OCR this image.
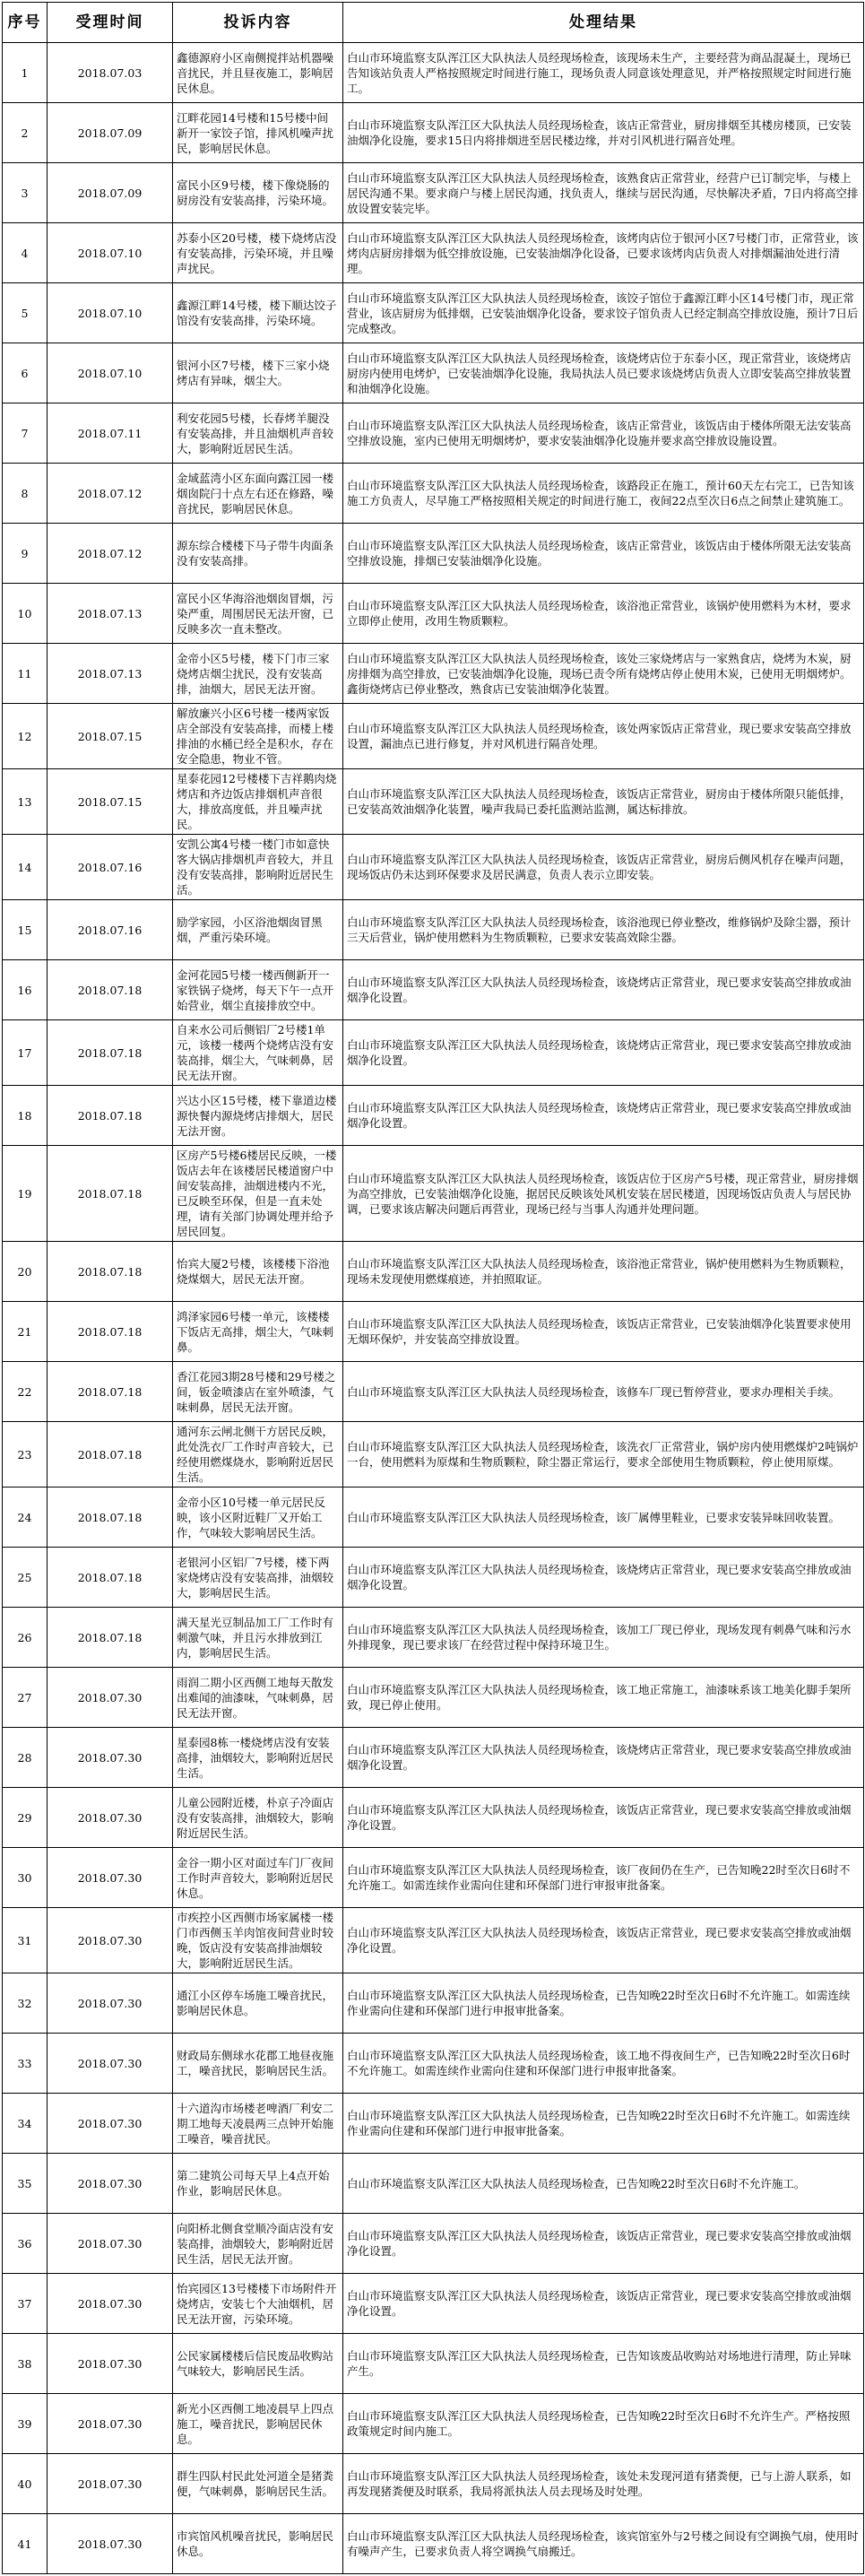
序号	受理时间	投诉内容	处理结果
1	2018.07.03	鑫德源府小区南侧搅拌站机器噪音扰民，并且昼夜施工，影响居民休息。	白山市环境监察支队浑江区大队执法人员经现场检查，该现场未生产，主要经营为商品混凝土，现场已告知该站负责人严格按照规定时间进行施工，现场负责人同意该处理意见，并严格按照规定时间进行施工。
2	2018.07.09	江畔花园14号楼和15号楼中间新开一家饺子馆，排风机噪声扰民，影响居民休息。	白山市环境监察支队浑江区大队执法人员经现场检查，该店正常营业，厨房排烟至其楼房楼顶，已安装油烟净化设施，要求15日内将排烟进至居民楼边缘，并对引风机进行隔音处理。
3	2018.07.09	富民小区9号楼，楼下像烧肠的厨房没有安装高排，污染环境。	白山市环境监察支队浑江区大队执法人员经现场检查，该熟食店正常营业，经营户已订制完毕，与楼上居民沟通不果。要求商户与楼上居民沟通，找负责人，继续与居民沟通，尽快解决矛盾，7日内将高空排放设置安装完毕。
4	2018.07.10	苏泰小区20号楼，楼下烧烤店没有安装高排，污染环境，并且噪声扰民。	白山市环境监察支队浑江区大队执法人员经现场检查，该烤肉店位于银河小区7号楼门市，正常营业，该烤肉店厨房排烟为低空排放设施，已安装油烟净化设备，已要求该烤肉店负责人对排烟漏油处进行清理。
5	2018.07.10	鑫源江畔14号楼，楼下顺达饺子馆没有安装高排，污染环境。	白山市环境监察支队浑江区大队执法人员经现场检查，该饺子馆位于鑫源江畔小区14号楼门市，现正常营业，该店厨房为低排烟，已安装油烟净化设备，要求饺子馆负责人已经定制高空排放设施，预计7日后完成整改。
6	2018.07.10	银河小区7号楼，楼下三家小烧烤店有异味，烟尘大。	白山市环境监察支队浑江区大队执法人员经现场检查，该烧烤店位于东泰小区，现正常营业，该烧烤店厨房内使用电烤炉，已安装油烟净化设施，我局执法人员已要求该烧烤店负责人立即安装高空排放装置和油烟净化设施。
7	2018.07.11	利安花园5号楼，长春烤羊腿没有安装高排，并且油烟机声音较大，影响附近居民生活。	白山市环境监察支队浑江区大队执法人员经现场检查，该店正常营业，该饭店由于楼体所限无法安装高空排放设施，室内已使用无明烟烤炉，要求安装油烟净化设施并要求高空排放设施设置。
8	2018.07.12	金域蓝湾小区东面向露江园一楼烟囱院闩十点左右还在修路，噪音扰民，影响居民休息。	白山市环境监察支队浑江区大队执法人员经现场检查，该路段正在施工，预计60天左右完工，已告知该施工方负责人，尽早施工严格按照相关规定的时间进行施工，夜间22点至次日6点之间禁止建筑施工。
9	2018.07.12	源东综合楼楼下马子带牛肉面条没有安装高排。	白山市环境监察支队浑江区大队执法人员经现场检查，该店正常营业，该饭店由于楼体所限无法安装高空排放设施，排烟已安装油烟净化设施。
10	2018.07.13	富民小区华海浴池烟囱冒烟，污染严重，周围居民无法开窗，已反映多次一直未整改。	白山市环境监察支队浑江区大队执法人员经现场检查，该浴池正常营业，该锅炉使用燃料为木材，要求立即停止使用，改用生物质颗粒。
11	2018.07.13	金帝小区5号楼，楼下门市三家烧烤店烟尘扰民，没有安装高排，油烟大，居民无法开窗。	白山市环境监察支队浑江区大队执法人员经现场检查，该处三家烧烤店与一家熟食店，烧烤为木炭，厨房排烟为高空排放，已安装油烟净化设施，现场已责令所有烧烤店停止使用木炭，已使用无明烟烤炉。鑫街烧烤店已停业整改，熟食店已安装油烟净化装置。
12	2018.07.15	解放廉兴小区6号楼一楼两家饭店全部没有安装高排，而楼上楼排油的水桶已经全是积水，存在安全隐患，物业不管。	白山市环境监察支队浑江区大队执法人员经现场检查，该处两家饭店正常营业，现已要求安装高空排放设置，漏油点已进行修复，并对风机进行隔音处理。
13	2018.07.15	星泰花园12号楼楼下吉祥鹅肉烧烤店和齐边饭店排烟机声音很大，排放高度低，并且噪声扰民。	白山市环境监察支队浑江区大队执法人员经现场检查，该饭店正常营业，厨房由于楼体所限只能低排，已安装高效油烟净化装置，噪声我局已委托监测站监测，属达标排放。
14	2018.07.16	安凯公寓4号楼一楼门市如意快客大锅店排烟机声音较大，并且没有安装高排，影响附近居民生活。	白山市环境监察支队浑江区大队执法人员经现场检查，该饭店正常营业，厨房后侧风机存在噪声问题，现场饭店仍未达到环保要求及居民满意，负责人表示立即安装。
15	2018.07.16	励学家园，小区浴池烟囱冒黑烟，严重污染环境。	白山市环境监察支队浑江区大队执法人员经现场检查，该浴池现已停业整改，维修锅炉及除尘器，预计三天后营业，锅炉使用燃料为生物质颗粒，已要求安装高效除尘器。
16	2018.07.18	金河花园5号楼一楼西侧新开一家铁锅子烧烤，每天下午一点开始营业，烟尘直接排放空中。	白山市环境监察支队浑江区大队执法人员经现场检查，该烧烤店正常营业，现已要求安装高空排放或油烟净化设置。
17	2018.07.18	自来水公司后侧铝厂2号楼1单元，该楼一楼两个烧烤店没有安装高排，烟尘大，气味刺鼻，居民无法开窗。	白山市环境监察支队浑江区大队执法人员经现场检查，该烧烤店正常营业，现已要求安装高空排放或油烟净化设置。
18	2018.07.18	兴达小区15号楼，楼下靠道边楼源快餐内源烧烤店排烟大，居民无法开窗。	白山市环境监察支队浑江区大队执法人员经现场检查，该烧烤店正常营业，现已要求安装高空排放或油烟净化设置。
19	2018.07.18	区房产5号楼6楼居民反映，一楼饭店去年在该楼居民楼道窗户中间安装高排，油烟进楼内不光，已反映至环保，但是一直未处理，请有关部门协调处理并给予居民回复。	白山市环境监察支队浑江区大队执法人员经现场检查，该饭店位于区房产5号楼，现正常营业，厨房排烟为高空排放，已安装油烟净化设施，据居民反映该处风机安装在居民楼道，因现场饭店负责人与居民协调，已要求该店解决问题后再营业，现场已经与当事人沟通并处理问题。
20	2018.07.18	怡宾大厦2号楼，该楼楼下浴池烧煤烟大，居民无法开窗。	白山市环境监察支队浑江区大队执法人员经现场检查，该浴池正常营业，锅炉使用燃料为生物质颗粒，现场未发现使用燃煤痕迹，并拍照取证。
21	2018.07.18	鸿泽家园6号楼一单元，该楼楼下饭店无高排，烟尘大，气味刺鼻。	白山市环境监察支队浑江区大队执法人员经现场检查，该饭店正常营业，已安装油烟净化装置要求使用无烟环保炉，并安装高空排放设置。
22	2018.07.18	香江花园3期28号楼和29号楼之间，钣金喷漆店在室外喷漆，气味刺鼻，居民无法开窗。	白山市环境监察支队浑江区大队执法人员经现场检查，该修车厂现已暂停营业，要求办理相关手续。
23	2018.07.18	通河东云闸北侧干方居民反映，此处洗衣厂工作时声音较大，已经使用燃煤烧水，影响附近居民生活。	白山市环境监察支队浑江区大队执法人员经现场检查，该洗衣厂正常营业，锅炉房内使用燃煤炉2吨锅炉一台，使用燃料为原煤和生物质颗粒，除尘器正常运行，要求全部使用生物质颗粒，停止使用原煤。
24	2018.07.18	金帝小区10号楼一单元居民反映，该小区附近鞋厂又开始工作，气味较大影响居民生活。	白山市环境监察支队浑江区大队执法人员经现场检查，该厂属傅里鞋业，已要求安装异味回收装置。
25	2018.07.18	老银河小区铝厂7号楼，楼下两家烧烤店没有安装高排，油烟较大，影响居民生活。	白山市环境监察支队浑江区大队执法人员经现场检查，该烧烤店正常营业，现已要求安装高空排放或油烟净化设置。
26	2018.07.18	满天星光豆制品加工厂工作时有刺激气味，并且污水排放到江内，影响居民生活。	白山市环境监察支队浑江区大队执法人员经现场检查，该加工厂现已停业，现场发现有刺鼻气味和污水外排现象，现已要求该厂在经营过程中保持环境卫生。
27	2018.07.30	雨润二期小区西侧工地每天散发出难闻的油漆味，气味刺鼻，居民无法开窗。	白山市环境监察支队浑江区大队执法人员经现场检查，该工地正常施工，油漆味系该工地美化脚手架所致，现已停止使用。
28	2018.07.30	星泰园8栋一楼烧烤店没有安装高排，油烟较大，影响附近居民生活。	白山市环境监察支队浑江区大队执法人员经现场检查，该烧烤店正常营业，现已要求安装高空排放或油烟净化设置。
29	2018.07.30	儿童公园附近楼，朴京子冷面店没有安装高排，油烟较大，影响附近居民生活。	白山市环境监察支队浑江区大队执法人员经现场检查，该饭店正常营业，现已要求安装高空排放或油烟净化设置。
30	2018.07.30	金谷一期小区对面过车门厂夜间工作时声音较大，影响附近居民休息。	白山市环境监察支队浑江区大队执法人员经现场检查，该厂夜间仍在生产，已告知晚22时至次日6时不允许施工。如需连续作业需向住建和环保部门进行审报审批备案。
31	2018.07.30	市疾控小区西侧市场家属楼一楼门市西侧玉羊肉馆夜间营业时较晚，饭店没有安装高排油烟较大，影响附近居民生活。	白山市环境监察支队浑江区大队执法人员经现场检查，该饭店正常营业，现已要求安装高空排放或油烟净化设置。
32	2018.07.30	通江小区停车场施工噪音扰民，影响居民休息。	白山市环境监察支队浑江区大队执法人员经现场检查，已告知晚22时至次日6时不允许施工。如需连续作业需向住建和环保部门进行申报审批备案。
33	2018.07.30	财政局东侧球水花郡工地昼夜施工，噪音扰民，影响居民生活。	白山市环境监察支队浑江区大队执法人员经现场检查，该工地不得夜间生产，已告知晚22时至次日6时不允许施工。如需连续作业需向住建和环保部门进行申报审批备案。
34	2018.07.30	十六道沟市场楼老啤酒厂利安二期工地每天凌晨两三点钟开始施工噪音，噪音扰民。	白山市环境监察支队浑江区大队执法人员经现场检查，已告知晚22时至次日6时不允许施工。如需连续作业需向住建和环保部门进行申报审批备案。
35	2018.07.30	第二建筑公司每天早上4点开始作业，影响居民休息。	白山市环境监察支队浑江区大队执法人员经现场检查，已告知晚22时至次日6时不允许施工。
36	2018.07.30	向阳桥北侧食堂顺冷面店没有安装高排，油烟较大，影响附近居民生活，居民无法开窗。	白山市环境监察支队浑江区大队执法人员经现场检查，该饭店正常营业，现已要求安装高空排放或油烟净化设置。
37	2018.07.30	怡宾园区13号楼楼下市场附件开烧烤店，安装七个大油烟机，居民无法开窗，污染环境。	白山市环境监察支队浑江区大队执法人员经现场检查，该饭店正常营业，现已要求安装高空排放或油烟净化设置。
38	2018.07.30	公民家属楼楼后信民废品收购站气味较大，影响居民生活。	白山市环境监察支队浑江区大队执法人员经现场检查，已告知该废品收购站对场地进行清理，防止异味产生。
39	2018.07.30	新光小区西侧工地凌晨早上四点施工，噪音扰民，影响居民休息。	白山市环境监察支队浑江区大队执法人员经现场检查，已告知晚22时至次日6时不允许生产。严格按照政策规定时间内施工。
40	2018.07.30	群生四队村民此处河道全是猪粪便，气味刺鼻，影响居民生活。	白山市环境监察支队浑江区大队执法人员经现场检查，该处未发现河道有猪粪便，已与上游人联系，如再发现猪粪便及时联系，我局将派执法人员去现场及时处理。
41	2018.07.30	市宾馆风机噪音扰民，影响居民休息。	白山市环境监察支队浑江区大队执法人员经现场检查，该宾馆室外与2号楼之间设有空调换气扇，使用时有噪声产生，已要求负责人将空调换气扇搬迁。
